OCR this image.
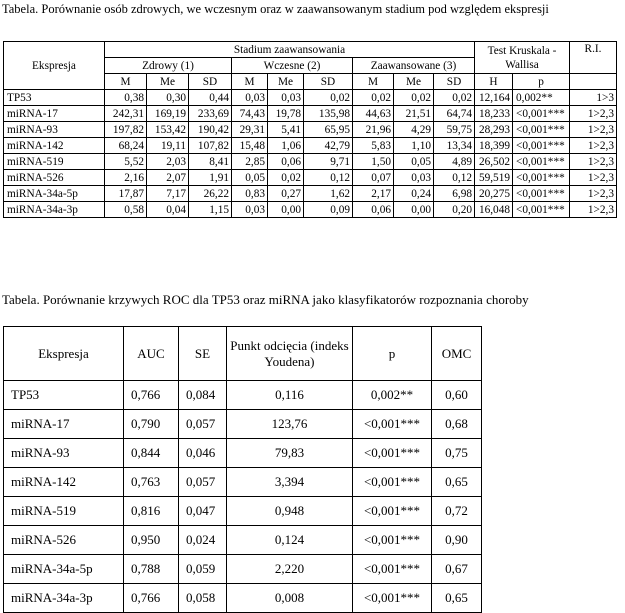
Tabela. Porównanie osób zdrowych, we wczesnym oraz w zaawansowanym stadium pod względem ekspresji
Ekspresja	Stadium zaawansowania									Test Kruskala -Wallisa		R.I.
	Zdrowy (1)			Wczesne (2)			Zaawansowane (3)					
	M	Me	SD	M	Me	SD	M	Me	SD	H	p	
TP53	0,38	0,30	0,44	0,03	0,03	0,02	0,02	0,02	0,02	12,164	0,002**	1>3
miRNA-17	242,31	169,19	233,69	74,43	19,78	135,98	44,63	21,51	64,74	18,233	<0,001***	1>2,3
miRNA-93	197,82	153,42	190,42	29,31	5,41	65,95	21,96	4,29	59,75	28,293	<0,001***	1>2,3
miRNA-142	68,24	19,11	107,82	15,48	1,06	42,79	5,83	1,10	13,34	18,399	<0,001***	1>2,3
miRNA-519	5,52	2,03	8,41	2,85	0,06	9,71	1,50	0,05	4,89	26,502	<0,001***	1>2,3
miRNA-526	2,16	2,07	1,91	0,05	0,02	0,12	0,07	0,03	0,12	59,519	<0,001***	1>2,3
miRNA-34a-5p	17,87	7,17	26,22	0,83	0,27	1,62	2,17	0,24	6,98	20,275	<0,001***	1>2,3
miRNA-34a-3p	0,58	0,04	1,15	0,03	0,00	0,09	0,06	0,00	0,20	16,048	<0,001***	1>2,3
Tabela. Porównanie krzywych ROC dla TP53 oraz miRNA jako klasyfikatorów rozpoznania choroby
Ekspresja	AUC	SE	Punkt odcięcia (indeks Youdena)	p	OMC
TP53	0,766	0,084	0,116	0,002**	0,60
miRNA-17	0,790	0,057	123,76	<0,001***	0,68
miRNA-93	0,844	0,046	79,83	<0,001***	0,75
miRNA-142	0,763	0,057	3,394	<0,001***	0,65
miRNA-519	0,816	0,047	0,948	<0,001***	0,72
miRNA-526	0,950	0,024	0,124	<0,001***	0,90
miRNA-34a-5p	0,788	0,059	2,220	<0,001***	0,67
miRNA-34a-3p	0,766	0,058	0,008	<0,001***	0,65
